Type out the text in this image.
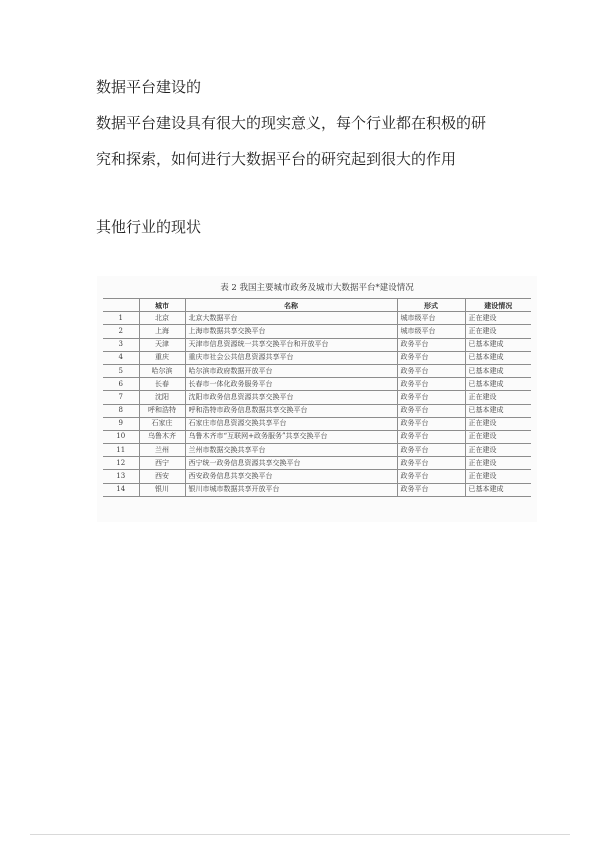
数据平台建设的
数据平台建设具有很大的现实意义，每个行业都在积极的研
究和探索，如何进行大数据平台的研究起到很大的作用
其他行业的现状
表 2 我国主要城市政务及城市大数据平台*建设情况
	城市	名称	形式	建设情况
1	北京	北京大数据平台	城市级平台	正在建设
2	上海	上海市数据共享交换平台	城市级平台	正在建设
3	天津	天津市信息资源统一共享交换平台和开放平台	政务平台	已基本建成
4	重庆	重庆市社会公共信息资源共享平台	政务平台	已基本建成
5	哈尔滨	哈尔滨市政府数据开放平台	政务平台	已基本建成
6	长春	长春市一体化政务服务平台	政务平台	已基本建成
7	沈阳	沈阳市政务信息资源共享交换平台	政务平台	正在建设
8	呼和浩特	呼和浩特市政务信息数据共享交换平台	政务平台	已基本建成
9	石家庄	石家庄市信息资源交换共享平台	政务平台	正在建设
10	乌鲁木齐	乌鲁木齐市“互联网+政务服务”共享交换平台	政务平台	正在建设
11	兰州	兰州市数据交换共享平台	政务平台	正在建设
12	西宁	西宁统一政务信息资源共享交换平台	政务平台	正在建设
13	西安	西安政务信息共享交换平台	政务平台	正在建设
14	银川	银川市城市数据共享开放平台	政务平台	已基本建成
